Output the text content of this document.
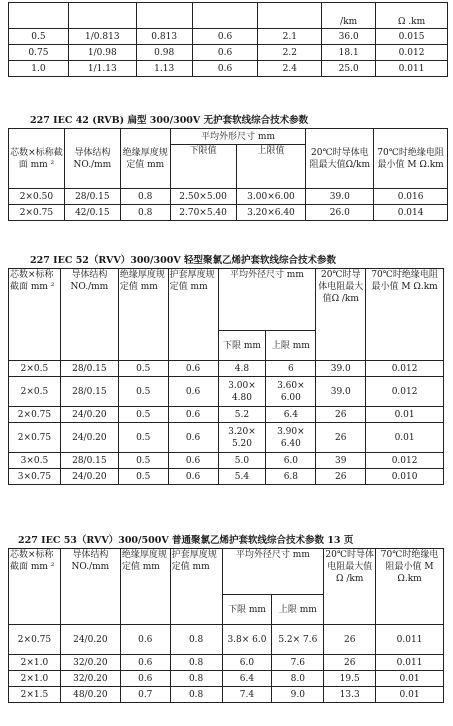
					/km	Ω .km
0.5	1/0.813	0.813	0.6	2.1	36.0	0.015
0.75	1/0.98	0.98	0.6	2.2	18.1	0.012
1.0	1/1.13	1.13	0.6	2.4	25.0	0.011
227 IEC 42 (RVB) 扁型 300/300V 无护套软线综合技术参数
芯数×标称截面 mm ²	导体结构 NO./mm	绝缘厚度规定值 mm	平均外形尺寸 mm		20℃时导体电阻最大值Ω/km	70℃时绝缘电阻最小值 M Ω.km
			下限值	上限值		
2×0.50	28/0.15	0.8	2.50×5.00	3.00×6.00	39.0	0.016
2×0.75	42/0.15	0.8	2.70×5.40	3.20×6.40	26.0	0.014
227 IEC 52（RVV）300/300V 轻型聚氯乙烯护套软线综合技术参数
芯数×标称截面 mm ²	导体结构 NO./mm	绝缘厚度规定值 mm	护套厚度规定值 mm	平均外径尺寸 mm		20℃时导体电阻最大值Ω /km	70℃时绝缘电阻最小值 M Ω.km
				下限 mm	上限 mm		
2×0.5	28/0.15	0.5	0.6	4.8	6	39.0	0.012
2×0.5	28/0.15	0.5	0.6	3.00× 4.80	3.60× 6.00	39.0	0.012
2×0.75	24/0.20	0.5	0.6	5.2	6.4	26	0.01
2×0.75	24/0.20	0.5	0.6	3.20× 5.20	3.90× 6.40	26	0.01
3×0.5	28/0.15	0.5	0.6	5.0	6.0	39	0.012
3×0.75	24/0.20	0.5	0.6	5.4	6.8	26	0.010
227 IEC 53（RVV）300/500V 普通聚氯乙烯护套软线综合技术参数 13 页
芯数×标称截面 mm ²	导体结构 NO./mm	绝缘厚度规定值 mm	护套厚度规定值 mm	平均外径尺寸 mm		20℃时导体电阻最大值Ω /km	70℃时绝缘电阻最小值 M Ω.km
				下限 mm	上限 mm		
2×0.75	24/0.20	0.6	0.8	3.8× 6.0	5.2× 7.6	26	0.011
2×1.0	32/0.20	0.6	0.8	6.0	7.6	26	0.011
2×1.0	32/0.20	0.6	0.8	6.4	8.0	19.5	0.01
2×1.5	48/0.20	0.7	0.8	7.4	9.0	13.3	0.01
